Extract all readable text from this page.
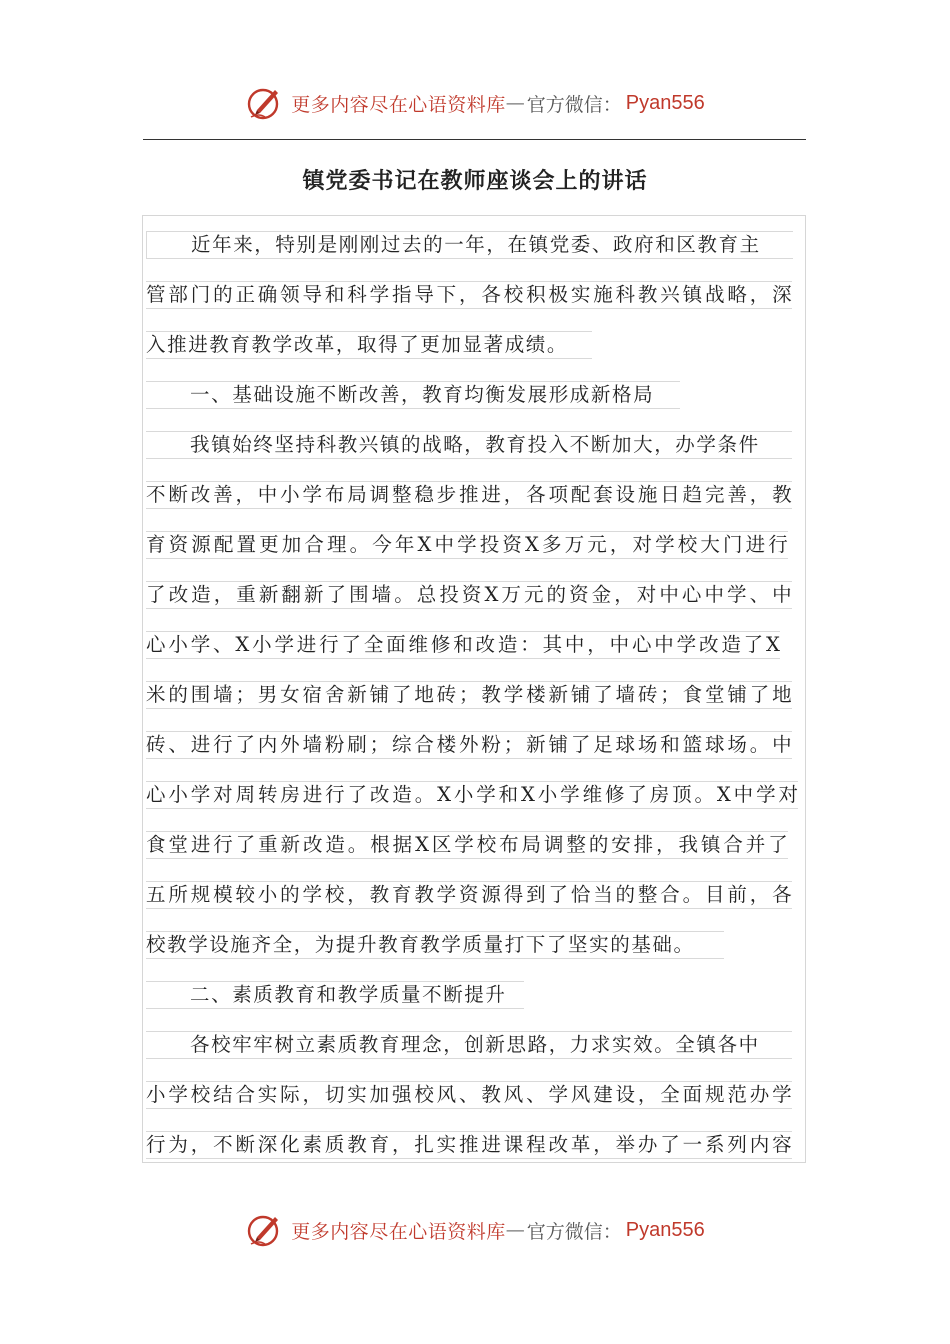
更多内容尽在心语资料库 — 官方微信： Pyan556
镇党委书记在教师座谈会上的讲话
近年来，特别是刚刚过去的一年，在镇党委、政府和区教育主
管 部 门 的 正 确 领 导 和 科 学 指 导 下 ， 各 校 积 极 实 施 科 教 兴 镇 战 略 ， 深
入推进教育教学改革，取得了更加显著成绩。
一、基础设施不断改善，教育均衡发展形成新格局
我镇始终坚持科教兴镇的战略，教育投入不断加大，办学条件
不 断 改 善 ， 中 小 学 布 局 调 整 稳 步 推 进 ， 各 项 配 套 设 施 日 趋 完 善 ， 教
育 资 源 配 置 更 加 合 理 。 今 年 X 中 学 投 资 X 多 万 元 ， 对 学 校 大 门 进 行
了 改 造 ， 重 新 翻 新 了 围 墙 。 总 投 资 X 万 元 的 资 金 ， 对 中 心 中 学 、 中
心 小 学 、 X 小 学 进 行 了 全 面 维 修 和 改 造 ： 其 中 ， 中 心 中 学 改 造 了 X
米 的 围 墙 ； 男 女 宿 舍 新 铺 了 地 砖 ； 教 学 楼 新 铺 了 墙 砖 ； 食 堂 铺 了 地
砖 、 进 行 了 内 外 墙 粉 刷 ； 综 合 楼 外 粉 ； 新 铺 了 足 球 场 和 篮 球 场 。 中
心 小 学 对 周 转 房 进 行 了 改 造 。 X 小 学 和 X 小 学 维 修 了 房 顶 。 X 中 学 对
食 堂 进 行 了 重 新 改 造 。 根 据 X 区 学 校 布 局 调 整 的 安 排 ， 我 镇 合 并 了
五 所 规 模 较 小 的 学 校 ， 教 育 教 学 资 源 得 到 了 恰 当 的 整 合 。 目 前 ， 各
校教学设施齐全，为提升教育教学质量打下了坚实的基础。
二、素质教育和教学质量不断提升
各校牢牢树立素质教育理念，创新思路，力求实效。全镇各中
小 学 校 结 合 实 际 ， 切 实 加 强 校 风 、 教 风 、 学 风 建 设 ， 全 面 规 范 办 学
行 为 ， 不 断 深 化 素 质 教 育 ， 扎 实 推 进 课 程 改 革 ， 举 办 了 一 系 列 内 容
更多内容尽在心语资料库 — 官方微信： Pyan556
